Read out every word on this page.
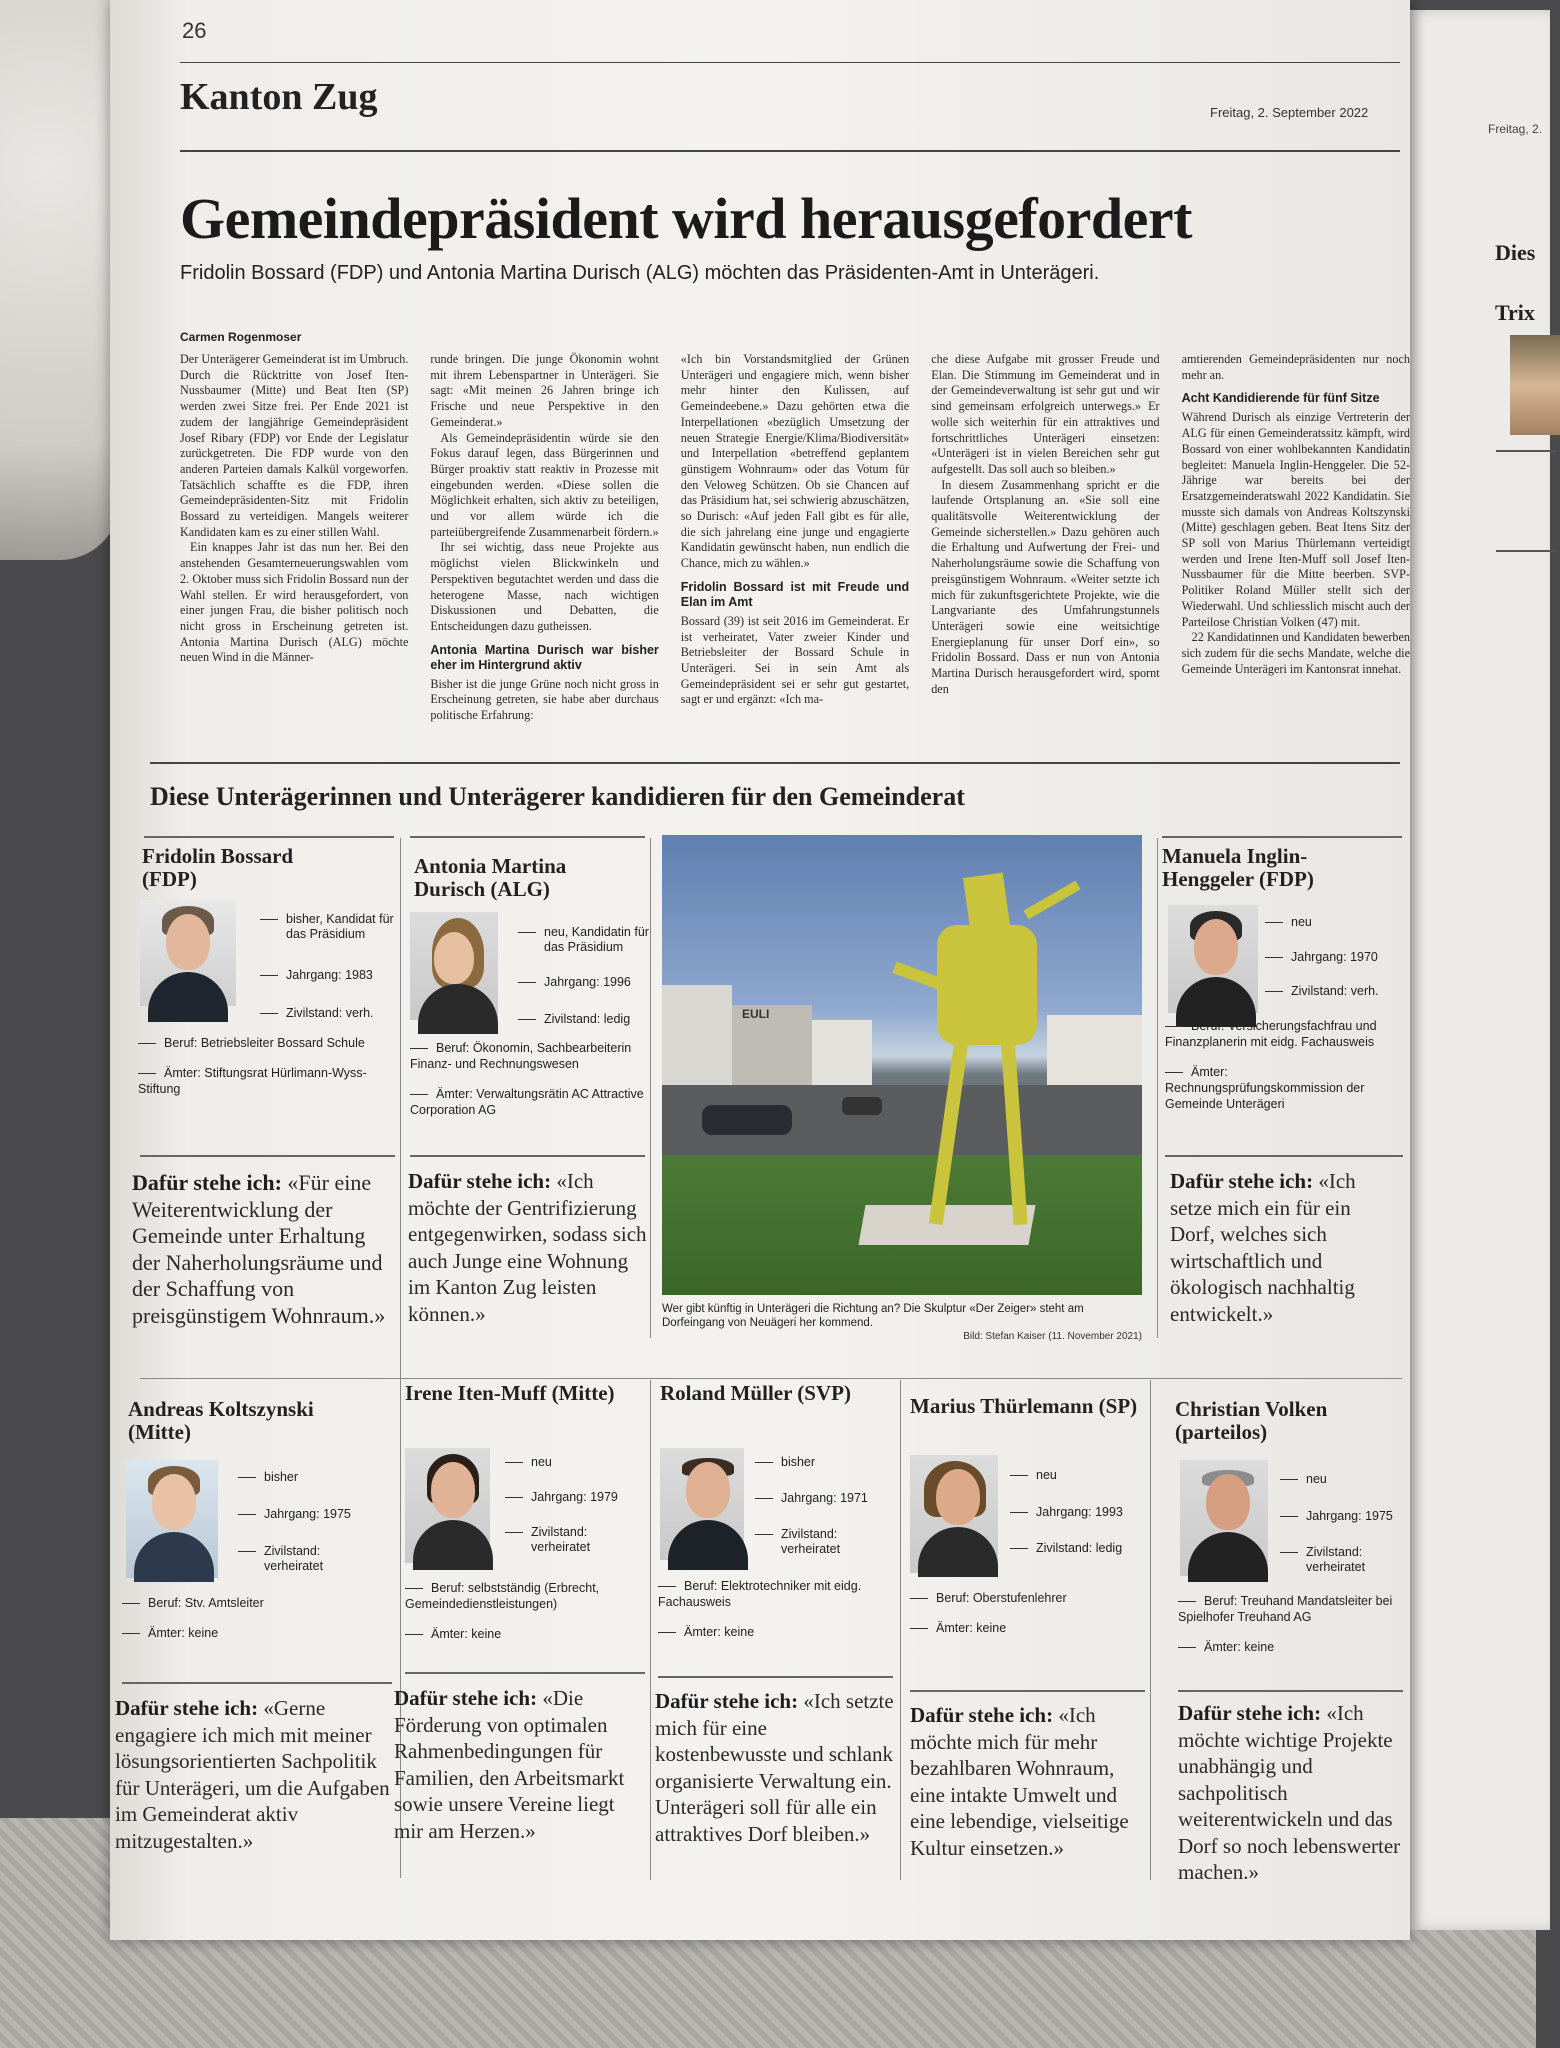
Freitag, 2.
Dies
Trix
26
Kanton Zug	Freitag, 2. September 2022
Gemeindepräsident wird herausgefordert
Fridolin Bossard (FDP) und Antonia Martina Durisch (ALG) möchten das Präsidenten-Amt in Unterägeri.
Carmen Rogenmoser

Der Unterägerer Gemeinderat ist im Umbruch. Durch die Rücktritte von Josef Iten-Nussbaumer (Mitte) und Beat Iten (SP) werden zwei Sitze frei. Per Ende 2021 ist zudem der langjährige Gemeindepräsident Josef Ribary (FDP) vor Ende der Legislatur zurückgetreten. Die FDP wurde von den anderen Parteien damals Kalkül vorgeworfen. Tatsächlich schaffte es die FDP, ihren Gemeindepräsidenten-Sitz mit Fridolin Bossard zu verteidigen. Mangels weiterer Kandidaten kam es zu einer stillen Wahl.

Ein knappes Jahr ist das nun her. Bei den anstehenden Gesamterneuerungswahlen vom 2. Oktober muss sich Fridolin Bossard nun der Wahl stellen. Er wird herausgefordert, von einer jungen Frau, die bisher politisch noch nicht gross in Erscheinung getreten ist. Antonia Martina Durisch (ALG) möchte neuen Wind in die Männer-

runde bringen. Die junge Ökonomin wohnt mit ihrem Lebenspartner in Unterägeri. Sie sagt: «Mit meinen 26 Jahren bringe ich Frische und neue Perspektive in den Gemeinderat.»

Als Gemeindepräsidentin würde sie den Fokus darauf legen, dass Bürgerinnen und Bürger proaktiv statt reaktiv in Prozesse mit eingebunden werden. «Diese sollen die Möglichkeit erhalten, sich aktiv zu beteiligen, und vor allem würde ich die parteiübergreifende Zusammenarbeit fördern.»

Ihr sei wichtig, dass neue Projekte aus möglichst vielen Blickwinkeln und Perspektiven begutachtet werden und dass die heterogene Masse, nach wichtigen Diskussionen und Debatten, die Entscheidungen dazu gutheissen.

Antonia Martina Durisch war bisher eher im Hintergrund aktiv

Bisher ist die junge Grüne noch nicht gross in Erscheinung getreten, sie habe aber durchaus politische Erfahrung:

«Ich bin Vorstandsmitglied der Grünen Unterägeri und engagiere mich, wenn bisher mehr hinter den Kulissen, auf Gemeindeebene.» Dazu gehörten etwa die Interpellationen «bezüglich Umsetzung der neuen Strategie Energie/Klima/Biodiversität» und Interpellation «betreffend geplantem günstigem Wohnraum» oder das Votum für den Veloweg Schützen. Ob sie Chancen auf das Präsidium hat, sei schwierig abzuschätzen, so Durisch: «Auf jeden Fall gibt es für alle, die sich jahrelang eine junge und engagierte Kandidatin gewünscht haben, nun endlich die Chance, mich zu wählen.»

Fridolin Bossard ist mit Freude und Elan im Amt

Bossard (39) ist seit 2016 im Gemeinderat. Er ist verheiratet, Vater zweier Kinder und Betriebsleiter der Bossard Schule in Unterägeri. Sei in sein Amt als Gemeindepräsident sei er sehr gut gestartet, sagt er und ergänzt: «Ich ma-

che diese Aufgabe mit grosser Freude und Elan. Die Stimmung im Gemeinderat und in der Gemeindeverwaltung ist sehr gut und wir sind gemeinsam erfolgreich unterwegs.» Er wolle sich weiterhin für ein attraktives und fortschrittliches Unterägeri einsetzen: «Unterägeri ist in vielen Bereichen sehr gut aufgestellt. Das soll auch so bleiben.»

In diesem Zusammenhang spricht er die laufende Ortsplanung an. «Sie soll eine qualitätsvolle Weiterentwicklung der Gemeinde sicherstellen.» Dazu gehören auch die Erhaltung und Aufwertung der Frei- und Naherholungsräume sowie die Schaffung von preisgünstigem Wohnraum. «Weiter setzte ich mich für zukunftsgerichtete Projekte, wie die Langvariante des Umfahrungstunnels Unterägeri sowie eine weitsichtige Energieplanung für unser Dorf ein», so Fridolin Bossard. Dass er nun von Antonia Martina Durisch herausgefordert wird, spornt den

amtierenden Gemeindepräsidenten nur noch mehr an.

Acht Kandidierende für fünf Sitze

Während Durisch als einzige Vertreterin der ALG für einen Gemeinderatssitz kämpft, wird Bossard von einer wohlbekannten Kandidatin begleitet: Manuela Inglin-Henggeler. Die 52-Jährige war bereits bei der Ersatzgemeinderatswahl 2022 Kandidatin. Sie musste sich damals von Andreas Koltszynski (Mitte) geschlagen geben. Beat Itens Sitz der SP soll von Marius Thürlemann verteidigt werden und Irene Iten-Muff soll Josef Iten-Nussbaumer für die Mitte beerben. SVP-Politiker Roland Müller stellt sich der Wiederwahl. Und schliesslich mischt auch der Parteilose Christian Volken (47) mit.

22 Kandidatinnen und Kandidaten bewerben sich zudem für die sechs Mandate, welche die Gemeinde Unterägeri im Kantonsrat innehat.

Diese Unterägerinnen und Unterägerer kandidieren für den Gemeinderat
Fridolin Bossard (FDP)
bisher, Kandidat für das Präsidium
Jahrgang: 1983
Zivilstand: verh.
Beruf: Betriebsleiter Bossard Schule
Ämter: Stiftungsrat Hürlimann-Wyss-Stiftung
Dafür stehe ich: «Für eine Weiterentwicklung der Gemeinde unter Erhaltung der Naherholungsräume und der Schaffung von preisgünstigem Wohnraum.»
Antonia Martina Durisch (ALG)
neu, Kandidatin für das Präsidium
Jahrgang: 1996
Zivilstand: ledig
Beruf: Ökonomin, Sachbearbeiterin Finanz- und Rechnungswesen
Ämter: Verwaltungsrätin AC Attractive Corporation AG
Dafür stehe ich: «Ich möchte der Gentrifizierung entgegenwirken, sodass sich auch Junge eine Wohnung im Kanton Zug leisten können.»
EULI
Wer gibt künftig in Unterägeri die Richtung an? Die Skulptur «Der Zeiger» steht am Dorfeingang von Neuägeri her kommend.
Bild: Stefan Kaiser (11. November 2021)
Manuela Inglin-Henggeler (FDP)
neu
Jahrgang: 1970
Zivilstand: verh.
Beruf: Versicherungsfachfrau und Finanzplanerin mit eidg. Fachausweis
Ämter: Rechnungsprüfungskommission der Gemeinde Unterägeri
Dafür stehe ich: «Ich setze mich ein für ein Dorf, welches sich wirtschaftlich und ökologisch nachhaltig entwickelt.»
Andreas Koltszynski (Mitte)
bisher
Jahrgang: 1975
Zivilstand: verheiratet
Beruf: Stv. Amtsleiter
Ämter: keine
Dafür stehe ich: «Gerne engagiere ich mich mit meiner lösungsorientierten Sachpolitik für Unterägeri, um die Aufgaben im Gemeinderat aktiv mitzugestalten.»
Irene Iten-Muff (Mitte)
neu
Jahrgang: 1979
Zivilstand: verheiratet
Beruf: selbstständig (Erbrecht, Gemeindedienstleistungen)
Ämter: keine
Dafür stehe ich: «Die Förderung von optimalen Rahmenbedingungen für Familien, den Arbeitsmarkt sowie unsere Vereine liegt mir am Herzen.»
Roland Müller (SVP)
bisher
Jahrgang: 1971
Zivilstand: verheiratet
Beruf: Elektrotechniker mit eidg. Fachausweis
Ämter: keine
Dafür stehe ich: «Ich setzte mich für eine kostenbewusste und schlank organisierte Verwaltung ein. Unterägeri soll für alle ein attraktives Dorf bleiben.»
Marius Thürlemann (SP)
neu
Jahrgang: 1993
Zivilstand: ledig
Beruf: Oberstufenlehrer
Ämter: keine
Dafür stehe ich: «Ich möchte mich für mehr bezahlbaren Wohnraum, eine intakte Umwelt und eine lebendige, vielseitige Kultur einsetzen.»
Christian Volken (parteilos)
neu
Jahrgang: 1975
Zivilstand: verheiratet
Beruf: Treuhand Mandatsleiter bei Spielhofer Treuhand AG
Ämter: keine
Dafür stehe ich: «Ich möchte wichtige Projekte unabhängig und sachpolitisch weiterentwickeln und das Dorf so noch lebenswerter machen.»
